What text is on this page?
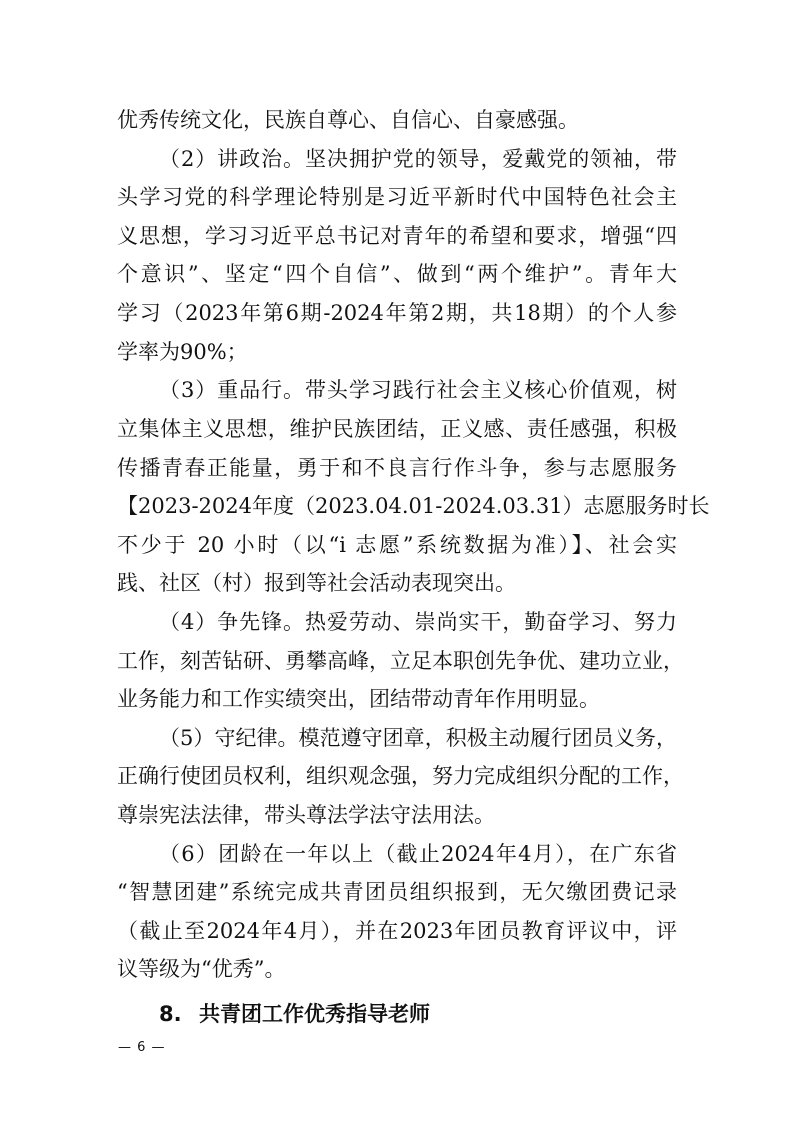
优秀传统文化，民族自尊心、自信心、自豪感强。
（2）讲政治。坚决拥护党的领导，爱戴党的领袖，带
头学习党的科学理论特别是习近平新时代中国特色社会主
义思想，学习习近平总书记对青年的希望和要求，增强“四
个意识”、坚定“四个自信”、做到“两个维护”。青年大
学习（2023年第6期-2024年第2期，共18期）的个人参
学率为90%；
（3）重品行。带头学习践行社会主义核心价值观，树
立集体主义思想，维护民族团结，正义感、责任感强，积极
传播青春正能量，勇于和不良言行作斗争，参与志愿服务
【2023-2024年度（2023.04.01-2024.03.31）志愿服务时长
不少于 20 小时（以“i 志愿”系统数据为准）】、社会实
践、社区（村）报到等社会活动表现突出。
（4）争先锋。热爱劳动、崇尚实干，勤奋学习、努力
工作，刻苦钻研、勇攀高峰，立足本职创先争优、建功立业，
业务能力和工作实绩突出，团结带动青年作用明显。
（5）守纪律。模范遵守团章，积极主动履行团员义务，
正确行使团员权利，组织观念强，努力完成组织分配的工作，
尊崇宪法法律，带头尊法学法守法用法。
（6）团龄在一年以上（截止2024年4月），在广东省
“智慧团建”系统完成共青团员组织报到，无欠缴团费记录
（截止至2024年4月），并在2023年团员教育评议中，评
议等级为“优秀”。
8. 共青团工作优秀指导老师
— 6 —
